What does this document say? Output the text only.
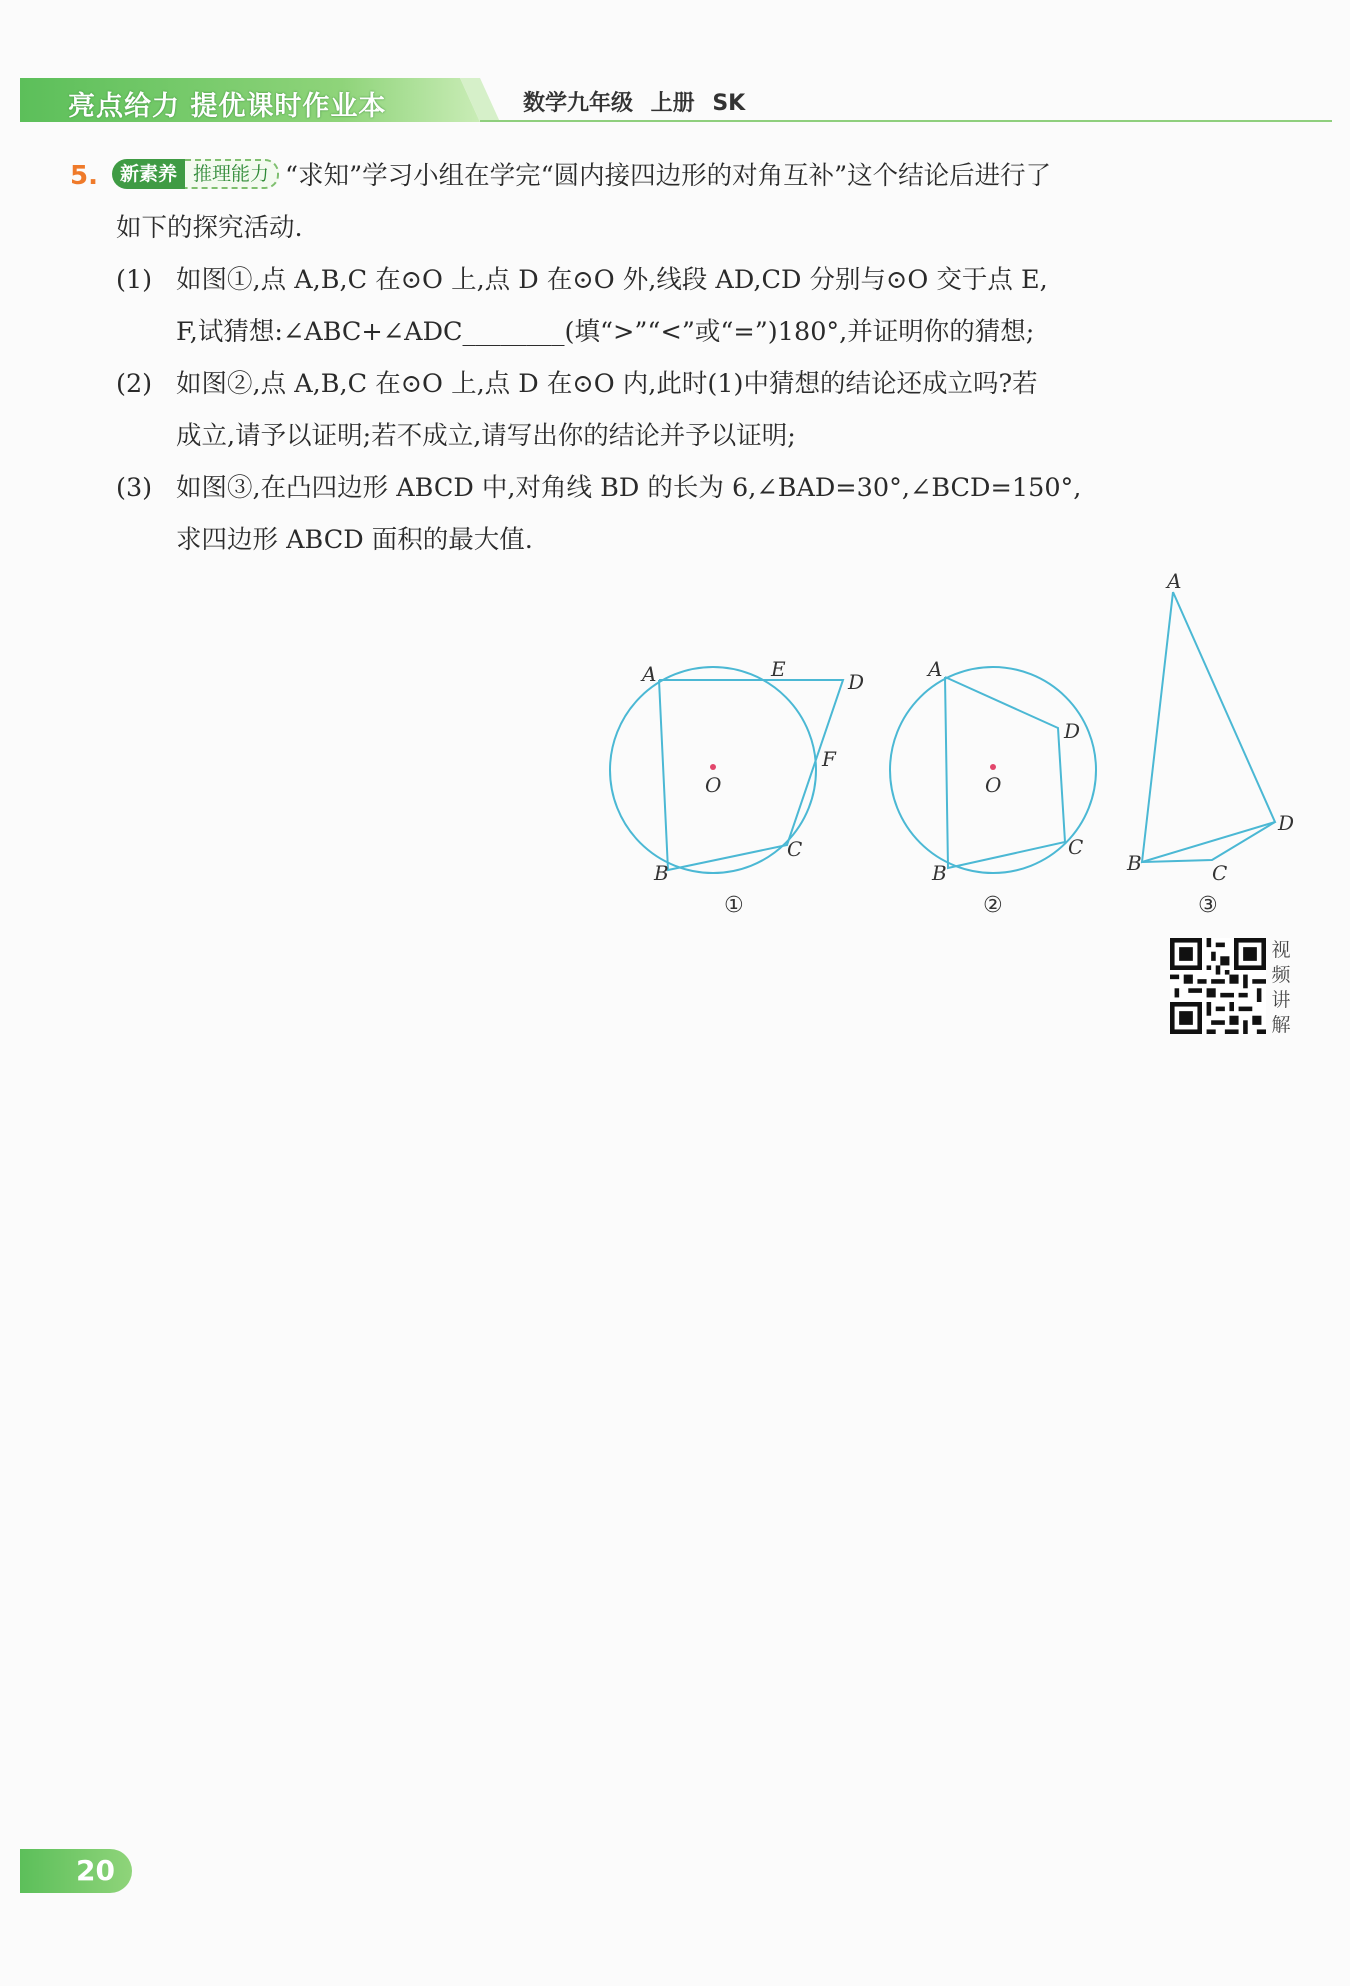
亮点给力 提优课时作业本	数学九年级 上册 SK
5.	新素养 推理能力 “求知”学习小组在学完“圆内接四边形的对角互补”这个结论后进行了
如下的探究活动.
(1) 如图①,点 A,B,C 在⊙O 上,点 D 在⊙O 外,线段 AD,CD 分别与⊙O 交于点 E,
F,试猜想:∠ABC+∠ADC________(填“>”“<”或“=”)180°,并证明你的猜想;
(2) 如图②,点 A,B,C 在⊙O 上,点 D 在⊙O 内,此时(1)中猜想的结论还成立吗?若
成立,请予以证明;若不成立,请写出你的结论并予以证明;
(3) 如图③,在凸四边形 ABCD 中,对角线 BD 的长为 6,∠BAD=30°,∠BCD=150°,
求四边形 ABCD 面积的最大值.
A	E
D
F
O
B
C
A
D
O
B
C
A
D
B	C
①	②	③
视
频
讲
解
20
